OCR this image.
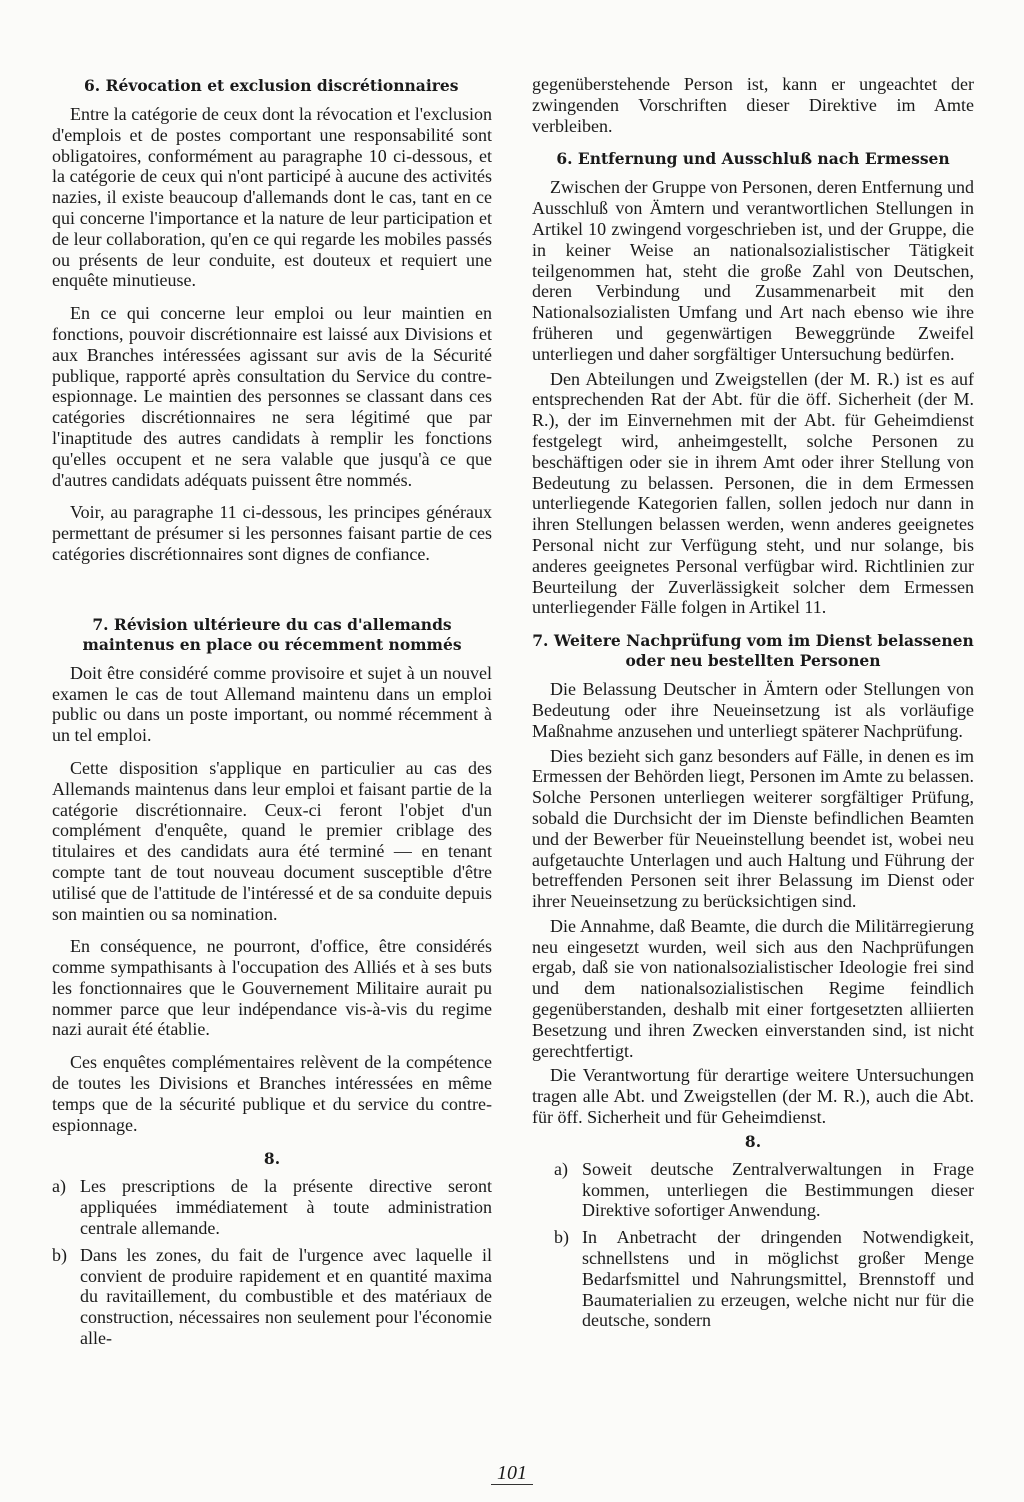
6. Révocation et exclusion discrétionnaires

Entre la catégorie de ceux dont la révocation et l'exclusion d'emplois et de postes comportant une responsabilité sont obligatoires, conformément au paragraphe 10 ci-dessous, et la catégorie de ceux qui n'ont participé à aucune des activités nazies, il existe beaucoup d'allemands dont le cas, tant en ce qui concerne l'importance et la nature de leur participation et de leur collaboration, qu'en ce qui regarde les mobiles passés ou présents de leur conduite, est douteux et requiert une enquête minutieuse.

En ce qui concerne leur emploi ou leur maintien en fonctions, pouvoir discrétionnaire est laissé aux Divisions et aux Branches intéressées agissant sur avis de la Sécurité publique, rapporté après consultation du Service du contre-espionnage. Le maintien des personnes se classant dans ces catégories discrétionnaires ne sera légitimé que par l'inaptitude des autres candidats à remplir les fonctions qu'elles occupent et ne sera valable que jusqu'à ce que d'autres candidats adéquats puissent être nommés.

Voir, au paragraphe 11 ci-dessous, les principes généraux permettant de présumer si les personnes faisant partie de ces catégories discrétionnaires sont dignes de confiance.

7. Révision ultérieure du cas d'allemands maintenus en place ou récemment nommés

Doit être considéré comme provisoire et sujet à un nouvel examen le cas de tout Allemand maintenu dans un emploi public ou dans un poste important, ou nommé récemment à un tel emploi.

Cette disposition s'applique en particulier au cas des Allemands maintenus dans leur emploi et faisant partie de la catégorie discrétionnaire. Ceux-ci feront l'objet d'un complément d'enquête, quand le premier criblage des titulaires et des candidats aura été terminé — en tenant compte tant de tout nouveau document susceptible d'être utilisé que de l'attitude de l'intéressé et de sa conduite depuis son maintien ou sa nomination.

En conséquence, ne pourront, d'office, être considérés comme sympathisants à l'occupation des Alliés et à ses buts les fonctionnaires que le Gouvernement Militaire aurait pu nommer parce que leur indépendance vis-à-vis du regime nazi aurait été établie.

Ces enquêtes complémentaires relèvent de la compétence de toutes les Divisions et Branches intéressées en même temps que de la sécurité publique et du service du contre-espionnage.

8.
a) Les prescriptions de la présente directive seront appliquées immédiatement à toute administration centrale allemande.
b) Dans les zones, du fait de l'urgence avec laquelle il convient de produire rapidement et en quantité maxima du ravitaillement, du combustible et des matériaux de construction, nécessaires non seulement pour l'économie alle-

gegenüberstehende Person ist, kann er ungeachtet der zwingenden Vorschriften dieser Direktive im Amte verbleiben.

6. Entfernung und Ausschluß nach Ermessen

Zwischen der Gruppe von Personen, deren Entfernung und Ausschluß von Ämtern und verantwortlichen Stellungen in Artikel 10 zwingend vorgeschrieben ist, und der Gruppe, die in keiner Weise an nationalsozialistischer Tätigkeit teilgenommen hat, steht die große Zahl von Deutschen, deren Verbindung und Zusammenarbeit mit den Nationalsozialisten Umfang und Art nach ebenso wie ihre früheren und gegenwärtigen Beweggründe Zweifel unterliegen und daher sorgfältiger Untersuchung bedürfen.

Den Abteilungen und Zweigstellen (der M. R.) ist es auf entsprechenden Rat der Abt. für die öff. Sicherheit (der M. R.), der im Einvernehmen mit der Abt. für Geheimdienst festgelegt wird, anheimgestellt, solche Personen zu beschäftigen oder sie in ihrem Amt oder ihrer Stellung von Bedeutung zu belassen. Personen, die in dem Ermessen unterliegende Kategorien fallen, sollen jedoch nur dann in ihren Stellungen belassen werden, wenn anderes geeignetes Personal nicht zur Verfügung steht, und nur solange, bis anderes geeignetes Personal verfügbar wird. Richtlinien zur Beurteilung der Zuverlässigkeit solcher dem Ermessen unterliegender Fälle folgen in Artikel 11.

7. Weitere Nachprüfung vom im Dienst belassenen oder neu bestellten Personen

Die Belassung Deutscher in Ämtern oder Stellungen von Bedeutung oder ihre Neueinsetzung ist als vorläufige Maßnahme anzusehen und unterliegt späterer Nachprüfung.

Dies bezieht sich ganz besonders auf Fälle, in denen es im Ermessen der Behörden liegt, Personen im Amte zu belassen. Solche Personen unterliegen weiterer sorgfältiger Prüfung, sobald die Durchsicht der im Dienste befindlichen Beamten und der Bewerber für Neueinstellung beendet ist, wobei neu aufgetauchte Unterlagen und auch Haltung und Führung der betreffenden Personen seit ihrer Belassung im Dienst oder ihrer Neueinsetzung zu berücksichtigen sind.

Die Annahme, daß Beamte, die durch die Militärregierung neu eingesetzt wurden, weil sich aus den Nachprüfungen ergab, daß sie von nationalsozialistischer Ideologie frei sind und dem nationalsozialistischen Regime feindlich gegenüberstanden, deshalb mit einer fortgesetzten alliierten Besetzung und ihren Zwecken einverstanden sind, ist nicht gerechtfertigt.

Die Verantwortung für derartige weitere Untersuchungen tragen alle Abt. und Zweigstellen (der M. R.), auch die Abt. für öff. Sicherheit und für Geheimdienst.

8.
a) Soweit deutsche Zentralverwaltungen in Frage kommen, unterliegen die Bestimmungen dieser Direktive sofortiger Anwendung.
b) In Anbetracht der dringenden Notwendigkeit, schnellstens und in möglichst großer Menge Bedarfsmittel und Nahrungsmittel, Brennstoff und Baumaterialien zu erzeugen, welche nicht nur für die deutsche, sondern
101
